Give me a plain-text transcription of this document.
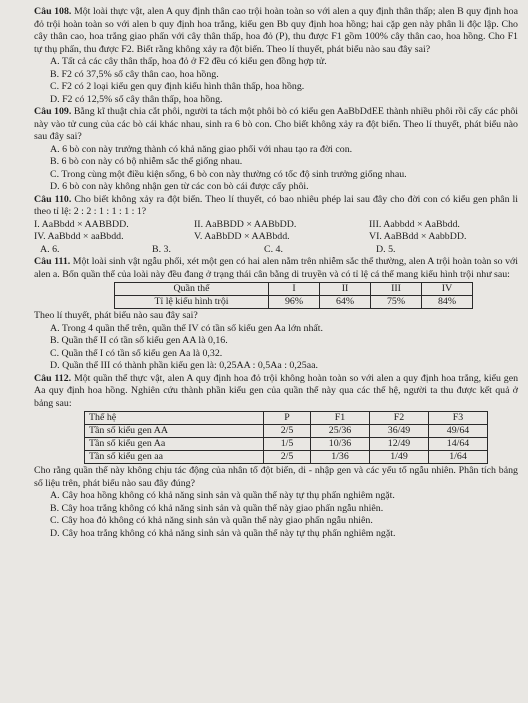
Câu 108. Một loài thực vật, alen A quy định thân cao trội hoàn toàn so với alen a quy định thân thấp; alen B quy định hoa đỏ trội hoàn toàn so với alen b quy định hoa trắng, kiểu gen Bb quy định hoa hồng; hai cặp gen này phân li độc lập. Cho cây thân cao, hoa trắng giao phấn với cây thân thấp, hoa đỏ (P), thu được F1 gồm 100% cây thân cao, hoa hồng. Cho F1 tự thụ phấn, thu được F2. Biết rằng không xảy ra đột biến. Theo lí thuyết, phát biểu nào sau đây sai?

A. Tất cả các cây thân thấp, hoa đỏ ở F2 đều có kiểu gen đồng hợp tử.

B. F2 có 37,5% số cây thân cao, hoa hồng.

C. F2 có 2 loại kiểu gen quy định kiểu hình thân thấp, hoa hồng.

D. F2 có 12,5% số cây thân thấp, hoa hồng.

Câu 109. Bằng kĩ thuật chia cắt phôi, người ta tách một phôi bò có kiểu gen AaBbDdEE thành nhiều phôi rồi cấy các phôi này vào tử cung của các bò cái khác nhau, sinh ra 6 bò con. Cho biết không xảy ra đột biến. Theo lí thuyết, phát biểu nào sau đây sai?

A. 6 bò con này trưởng thành có khả năng giao phối với nhau tạo ra đời con.

B. 6 bò con này có bộ nhiễm sắc thể giống nhau.

C. Trong cùng một điều kiện sống, 6 bò con này thường có tốc độ sinh trưởng giống nhau.

D. 6 bò con này không nhận gen từ các con bò cái được cấy phôi.

Câu 110. Cho biết không xảy ra đột biến. Theo lí thuyết, có bao nhiêu phép lai sau đây cho đời con có kiểu gen phân li theo tỉ lệ: 2 : 2 : 1 : 1 : 1 : 1?

I. AaBbdd × AABBDD.	II. AaBBDD × AABbDD.	III. Aabbdd × AaBbdd.
IV. AaBbdd × aaBbdd.	V. AaBbDD × AABbdd.	VI. AaBBdd × AabbDD.
A. 6.	B. 3.	C. 4.	D. 5.

Câu 111. Một loài sinh vật ngẫu phối, xét một gen có hai alen nằm trên nhiễm sắc thể thường, alen A trội hoàn toàn so với alen a. Bốn quần thể của loài này đều đang ở trạng thái cân bằng di truyền và có tỉ lệ cá thể mang kiểu hình trội như sau:

Quần thể	I	II	III	IV
Tỉ lệ kiểu hình trội	96%	64%	75%	84%

Theo lí thuyết, phát biểu nào sau đây sai?

A. Trong 4 quần thể trên, quần thể IV có tần số kiểu gen Aa lớn nhất.

B. Quần thể II có tần số kiểu gen AA là 0,16.

C. Quần thể I có tần số kiểu gen Aa là 0,32.

D. Quần thể III có thành phần kiểu gen là: 0,25AA : 0,5Aa : 0,25aa.

Câu 112. Một quần thể thực vật, alen A quy định hoa đỏ trội không hoàn toàn so với alen a quy định hoa trắng, kiểu gen Aa quy định hoa hồng. Nghiên cứu thành phần kiểu gen của quần thể này qua các thế hệ, người ta thu được kết quả ở bảng sau:

Thế hệ	P	F1	F2	F3
Tần số kiểu gen AA	2/5	25/36	36/49	49/64
Tần số kiểu gen Aa	1/5	10/36	12/49	14/64
Tần số kiểu gen aa	2/5	1/36	1/49	1/64

Cho rằng quần thể này không chịu tác động của nhân tố đột biến, di - nhập gen và các yếu tố ngẫu nhiên. Phân tích bảng số liệu trên, phát biểu nào sau đây đúng?

A. Cây hoa hồng không có khả năng sinh sản và quần thể này tự thụ phấn nghiêm ngặt.

B. Cây hoa trắng không có khả năng sinh sản và quần thể này giao phấn ngẫu nhiên.

C. Cây hoa đỏ không có khả năng sinh sản và quần thể này giao phấn ngẫu nhiên.

D. Cây hoa trắng không có khả năng sinh sản và quần thể này tự thụ phấn nghiêm ngặt.
